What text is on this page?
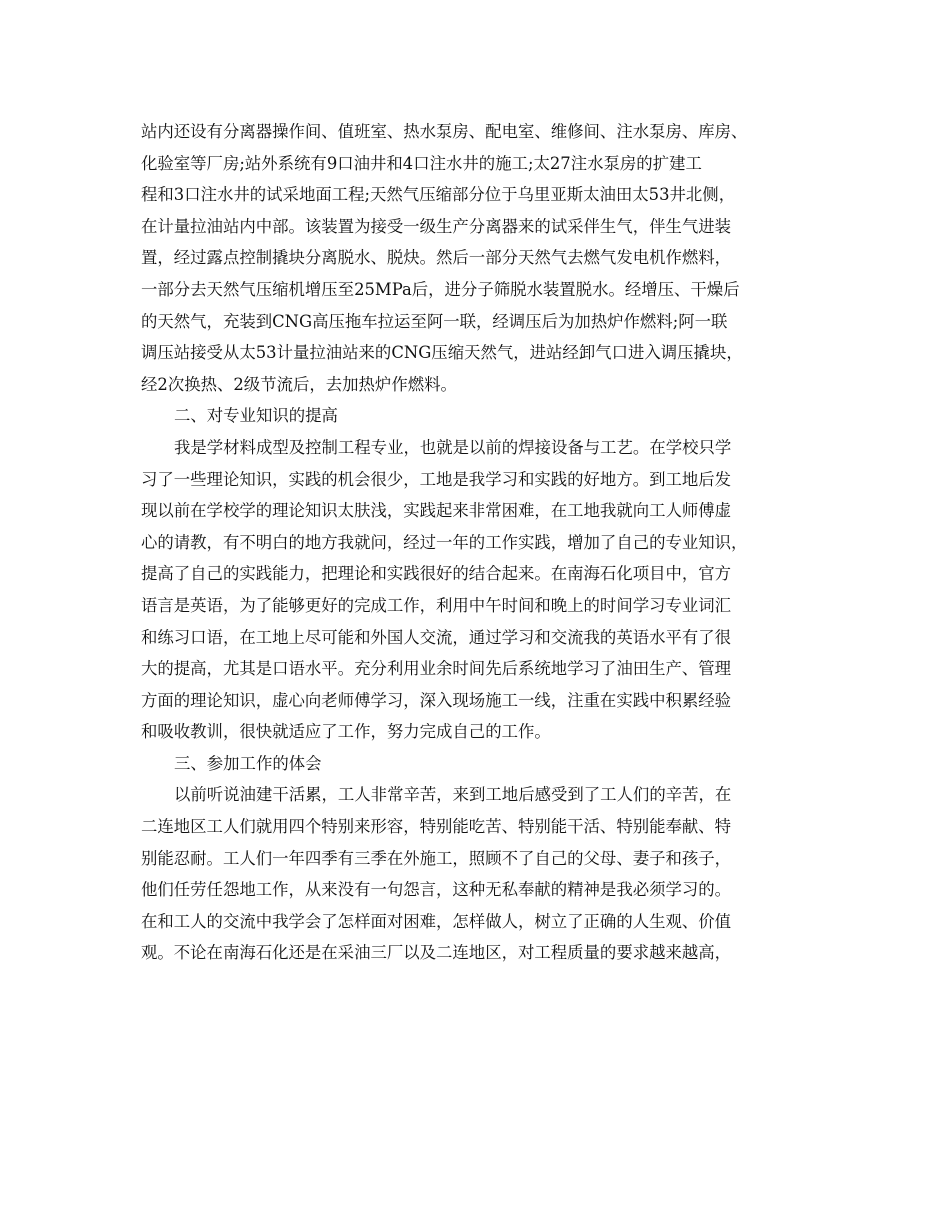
站内还设有分离器操作间、值班室、热水泵房、配电室、维修间、注水泵房、库房、
化验室等厂房;站外系统有9口油井和4口注水井的施工;太27注水泵房的扩建工
程和3口注水井的试采地面工程;天然气压缩部分位于乌里亚斯太油田太53井北侧，
在计量拉油站内中部。该装置为接受一级生产分离器来的试采伴生气，伴生气进装
置，经过露点控制撬块分离脱水、脱炔。然后一部分天然气去燃气发电机作燃料，
一部分去天然气压缩机增压至25MPa后，进分子筛脱水装置脱水。经增压、干燥后
的天然气，充装到CNG高压拖车拉运至阿一联，经调压后为加热炉作燃料;阿一联
调压站接受从太53计量拉油站来的CNG压缩天然气，进站经卸气口进入调压撬块，
经2次换热、2级节流后，去加热炉作燃料。
二、对专业知识的提高
我是学材料成型及控制工程专业，也就是以前的焊接设备与工艺。在学校只学
习了一些理论知识，实践的机会很少，工地是我学习和实践的好地方。到工地后发
现以前在学校学的理论知识太肤浅，实践起来非常困难，在工地我就向工人师傅虚
心的请教，有不明白的地方我就问，经过一年的工作实践，增加了自己的专业知识，
提高了自己的实践能力，把理论和实践很好的结合起来。在南海石化项目中，官方
语言是英语，为了能够更好的完成工作，利用中午时间和晚上的时间学习专业词汇
和练习口语，在工地上尽可能和外国人交流，通过学习和交流我的英语水平有了很
大的提高，尤其是口语水平。充分利用业余时间先后系统地学习了油田生产、管理
方面的理论知识，虚心向老师傅学习，深入现场施工一线，注重在实践中积累经验
和吸收教训，很快就适应了工作，努力完成自己的工作。
三、参加工作的体会
以前听说油建干活累，工人非常辛苦，来到工地后感受到了工人们的辛苦，在
二连地区工人们就用四个特别来形容，特别能吃苦、特别能干活、特别能奉献、特
别能忍耐。工人们一年四季有三季在外施工，照顾不了自己的父母、妻子和孩子，
他们任劳任怨地工作，从来没有一句怨言，这种无私奉献的精神是我必须学习的。
在和工人的交流中我学会了怎样面对困难，怎样做人，树立了正确的人生观、价值
观。不论在南海石化还是在采油三厂以及二连地区，对工程质量的要求越来越高，
